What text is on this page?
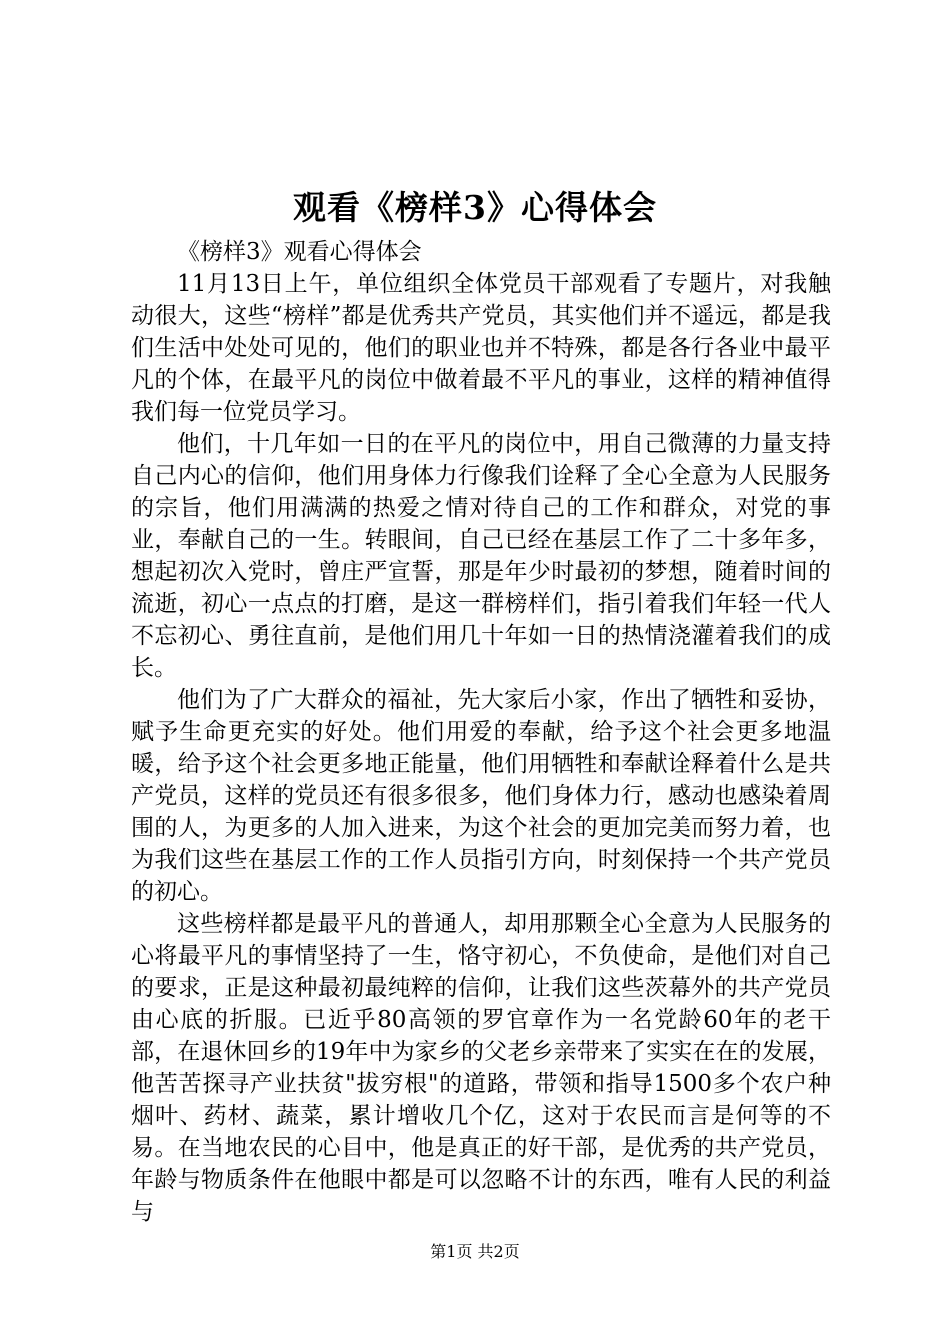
观看《榜样3》心得体会

《榜样3》观看心得体会

11月13日上午，单位组织全体党员干部观看了专题片，对我触动很大，这些“榜样”都是优秀共产党员，其实他们并不遥远，都是我们生活中处处可见的，他们的职业也并不特殊，都是各行各业中最平凡的个体，在最平凡的岗位中做着最不平凡的事业，这样的精神值得我们每一位党员学习。

他们，十几年如一日的在平凡的岗位中，用自己微薄的力量支持自己内心的信仰，他们用身体力行像我们诠释了全心全意为人民服务的宗旨，他们用满满的热爱之情对待自己的工作和群众，对党的事业，奉献自己的一生。转眼间，自己已经在基层工作了二十多年多，想起初次入党时，曾庄严宣誓，那是年少时最初的梦想，随着时间的流逝，初心一点点的打磨，是这一群榜样们，指引着我们年轻一代人不忘初心、勇往直前，是他们用几十年如一日的热情浇灌着我们的成长。

他们为了广大群众的福祉，先大家后小家，作出了牺牲和妥协，赋予生命更充实的好处。他们用爱的奉献，给予这个社会更多地温暖，给予这个社会更多地正能量，他们用牺牲和奉献诠释着什么是共产党员，这样的党员还有很多很多，他们身体力行，感动也感染着周围的人，为更多的人加入进来，为这个社会的更加完美而努力着，也为我们这些在基层工作的工作人员指引方向，时刻保持一个共产党员的初心。

这些榜样都是最平凡的普通人，却用那颗全心全意为人民服务的心将最平凡的事情坚持了一生，恪守初心，不负使命，是他们对自己的要求，正是这种最初最纯粹的信仰，让我们这些茨幕外的共产党员由心底的折服。已近乎80高领的罗官章作为一名党龄60年的老干部，在退休回乡的19年中为家乡的父老乡亲带来了实实在在的发展，他苦苦探寻产业扶贫"拔穷根"的道路，带领和指导1500多个农户种烟叶、药材、蔬菜，累计增收几个亿，这对于农民而言是何等的不易。在当地农民的心目中，他是真正的好干部，是优秀的共产党员，年龄与物质条件在他眼中都是可以忽略不计的东西，唯有人民的利益与

第1页 共2页
